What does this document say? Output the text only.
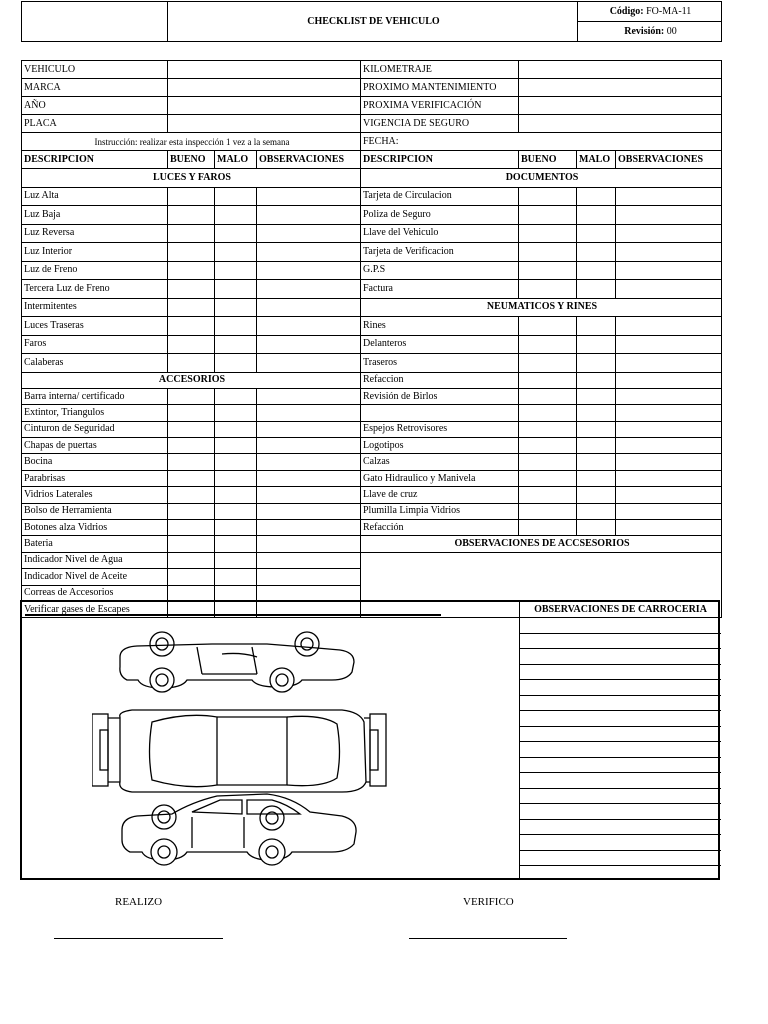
	CHECKLIST DE VEHICULO	Código: FO-MA-11
Revisión: 00
VEHICULO				KILOMETRAJE			
MARCA				PROXIMO MANTENIMIENTO			
AÑO				PROXIMA VERIFICACIÓN			
PLACA				VIGENCIA DE SEGURO			
Instrucción: realizar esta inspección 1 vez a la semana				FECHA:			
DESCRIPCION	BUENO	MALO	OBSERVACIONES	DESCRIPCION	BUENO	MALO	OBSERVACIONES
LUCES Y FAROS				DOCUMENTOS			
Luz Alta				Tarjeta de Circulacion			
Luz Baja				Poliza de Seguro			
Luz Reversa				Llave del Vehiculo			
Luz Interior				Tarjeta de Verificacion			
Luz de Freno				G.P.S			
Tercera Luz de Freno				Factura			
Intermitentes				NEUMATICOS Y RINES			
Luces Traseras				Rines			
Faros				Delanteros			
Calaberas				Traseros			
ACCESORIOS				Refaccion			
Barra interna/ certificado				Revisión de Birlos			
Extintor, Triangulos							
Cinturon de Seguridad				Espejos Retrovisores			
Chapas de puertas				Logotipos			
Bocina				Calzas			
Parabrisas				Gato Hidraulico y Manivela			
Vidrios Laterales				Llave de cruz			
Bolso de Herramienta				Plumilla Limpia Vidrios			
Botones alza Vidrios				Refacción			
Bateria				OBSERVACIONES DE ACCSESORIOS			
Indicador Nivel de Agua							
Indicador Nivel de Aceite							
Correas de Accesorios							
Verificar gases de Escapes								OBSERVACIONES DE CARROCERIA
REALIZO	VERIFICO
